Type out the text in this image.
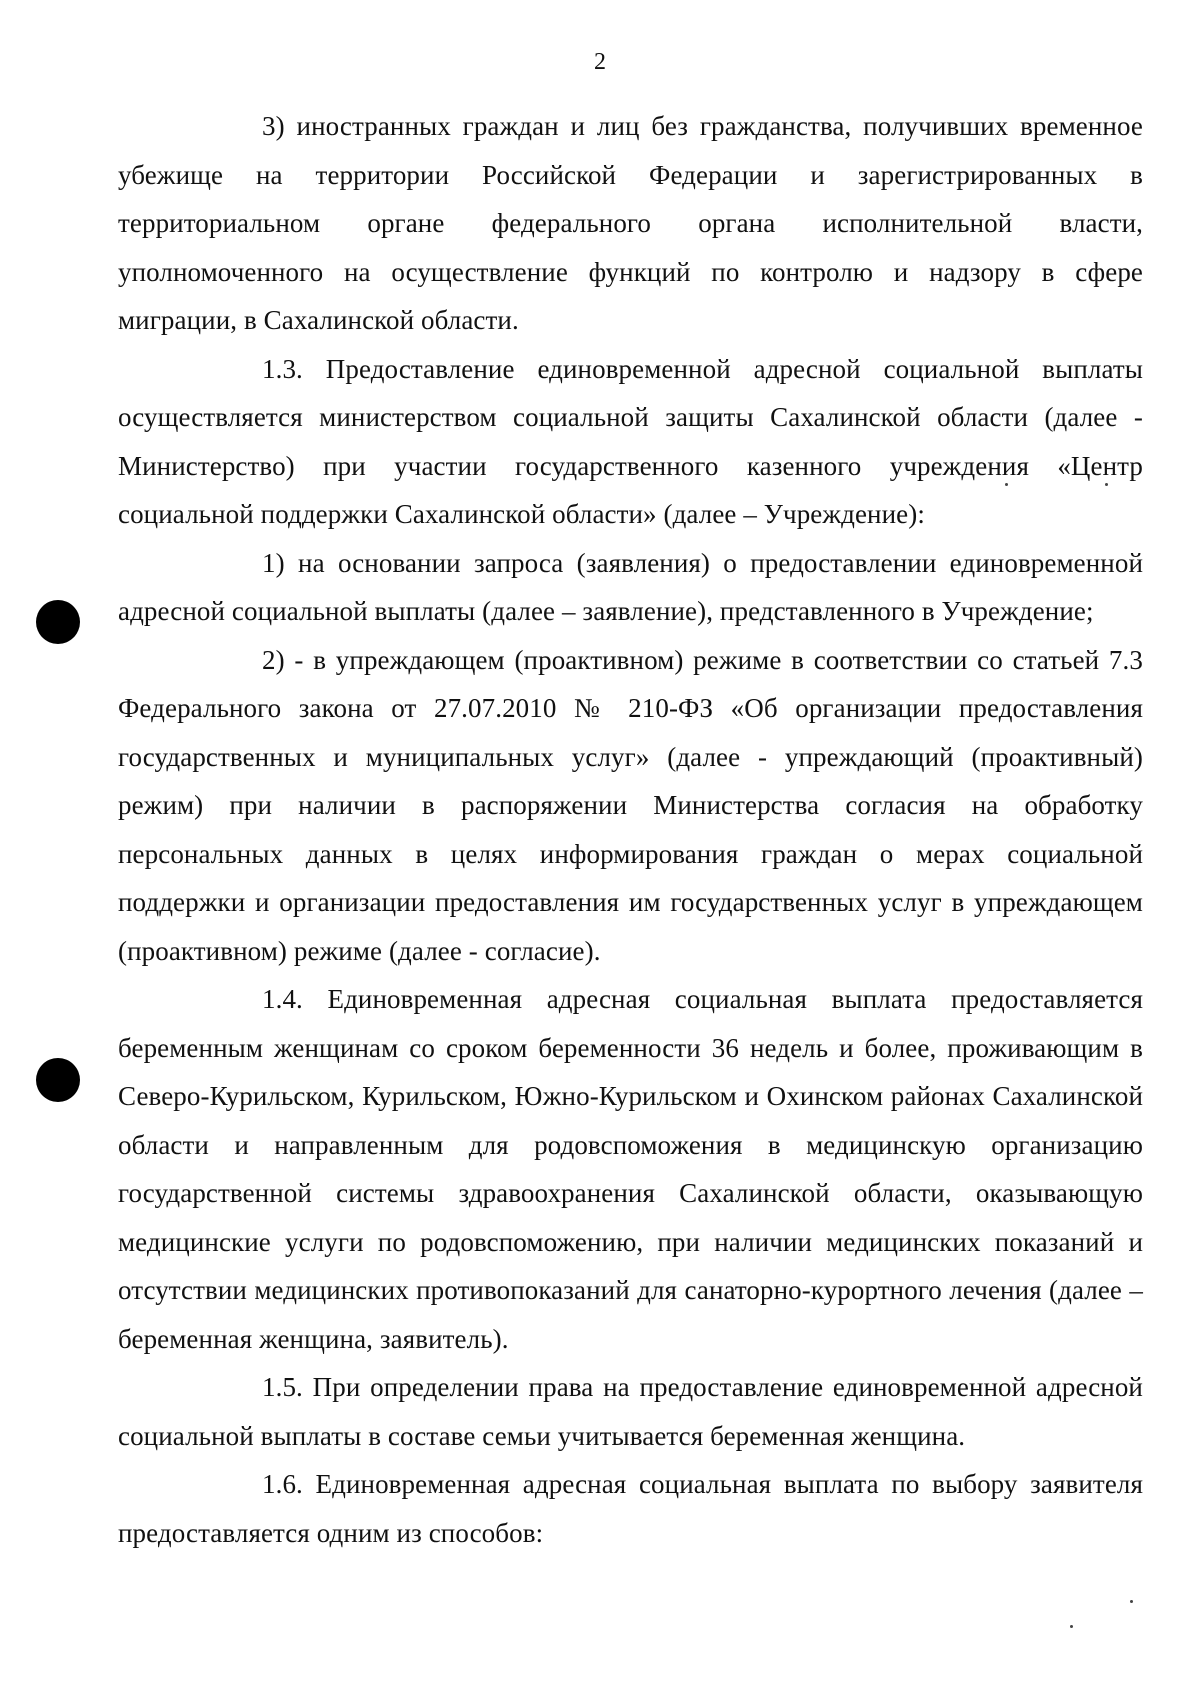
2

3) иностранных граждан и лиц без гражданства, получивших временное убежище на территории Российской Федерации и зарегистрированных в территориальном органе федерального органа исполнительной власти, уполномоченного на осуществление функций по контролю и надзору в сфере миграции, в Сахалинской области.

1.3. Предоставление единовременной адресной социальной выплаты осуществляется министерством социальной защиты Сахалинской области (далее - Министерство) при участии государственного казенного учреждения «Центр социальной поддержки Сахалинской области» (далее – Учреждение):

1) на основании запроса (заявления) о предоставлении единовременной адресной социальной выплаты (далее – заявление), представленного в Учреждение;

2) - в упреждающем (проактивном) режиме в соответствии со статьей 7.3 Федерального закона от 27.07.2010 № 210-ФЗ «Об организации предоставления государственных и муниципальных услуг» (далее - упреждающий (проактивный) режим) при наличии в распоряжении Министерства согласия на обработку персональных данных в целях информирования граждан о мерах социальной поддержки и организации предоставления им государственных услуг в упреждающем (проактивном) режиме (далее - согласие).

1.4. Единовременная адресная социальная выплата предоставляется беременным женщинам со сроком беременности 36 недель и более, проживающим в Северо-Курильском, Курильском, Южно-Курильском и Охинском районах Сахалинской области и направленным для родовспоможения в медицинскую организацию государственной системы здравоохранения Сахалинской области, оказывающую медицинские услуги по родовспоможению, при наличии медицинских показаний и отсутствии медицинских противопоказаний для санаторно-курортного лечения (далее – беременная женщина, заявитель).

1.5. При определении права на предоставление единовременной адресной социальной выплаты в составе семьи учитывается беременная женщина.

1.6. Единовременная адресная социальная выплата по выбору заявителя предоставляется одним из способов:
